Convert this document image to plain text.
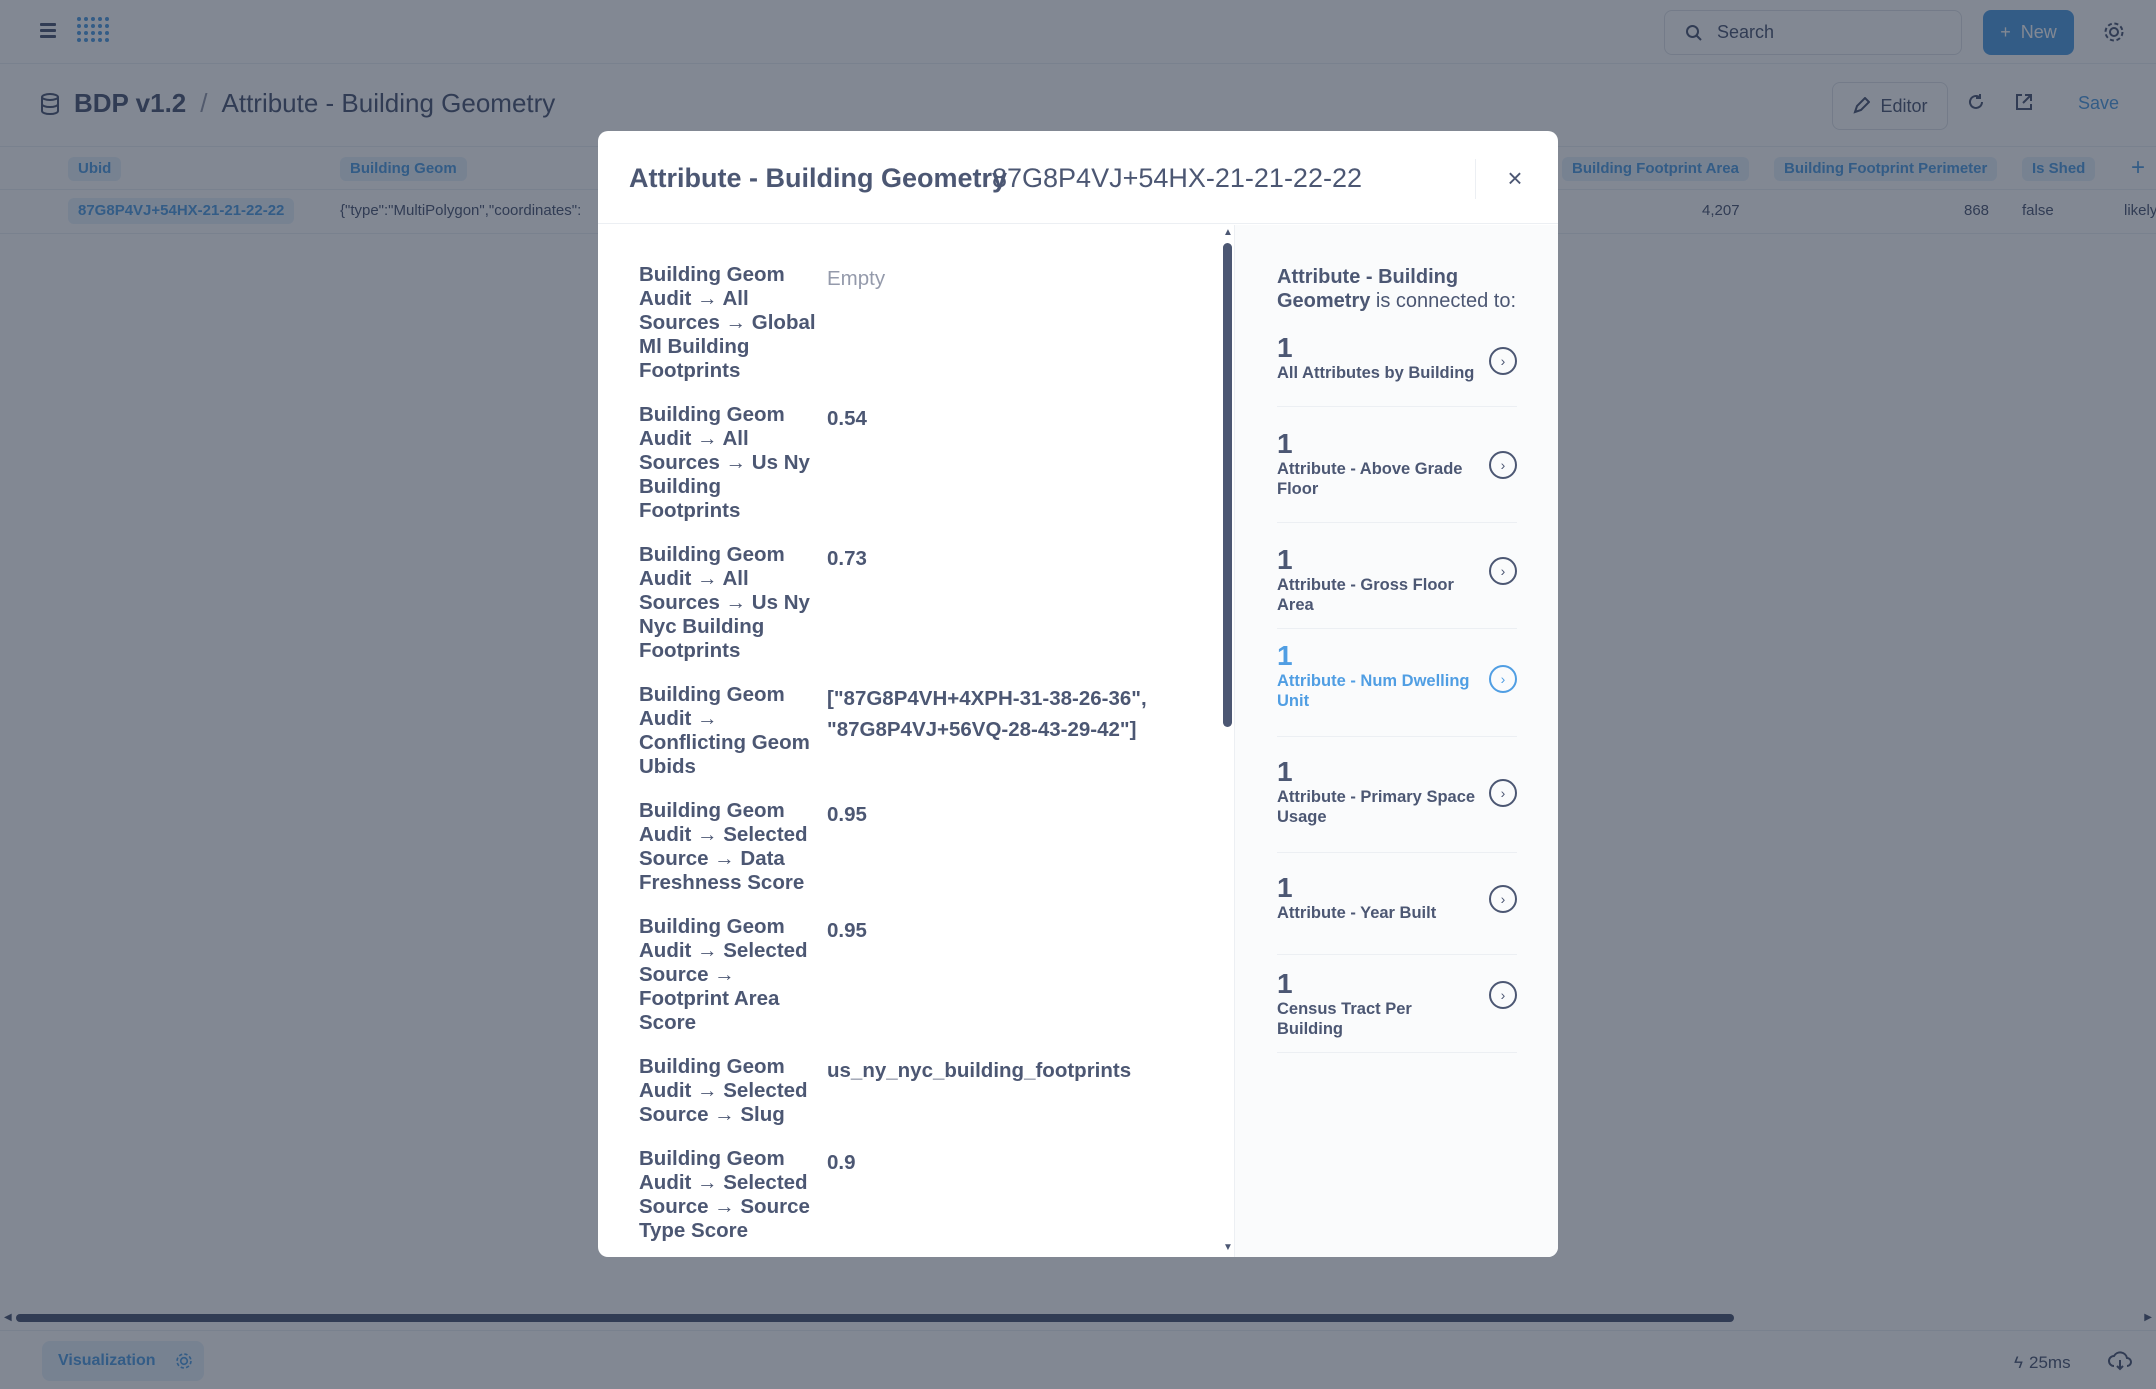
Attribute - Building Geometry
87G8P4VJ+54HX-21-21-22-22	×
Building Geom Audit → All Sources → Global Ml Building Footprints
Empty
Building Geom Audit → All Sources → Us Ny Building Footprints
0.54
Building Geom Audit → All Sources → Us Ny Nyc Building Footprints
0.73
Building Geom Audit → Conflicting Geom Ubids
["87G8P4VH+4XPH-31-38-26-36", "87G8P4VJ+56VQ-28-43-29-42"]
Building Geom Audit → Selected Source → Data Freshness Score
0.95
Building Geom Audit → Selected Source → Footprint Area Score
0.95
Building Geom Audit → Selected Source → Slug
us_ny_nyc_building_footprints
Building Geom Audit → Selected Source → Source Type Score
0.9
▲
▼
Attribute - Building Geometry is connected to:
1
All Attributes by Building
›
1
Attribute - Above Grade Floor
›
1
Attribute - Gross Floor Area
›
1
Attribute - Num Dwelling Unit
›
1
Attribute - Primary Space Usage
›
1
Attribute - Year Built
›
1
Census Tract Per Building
›
